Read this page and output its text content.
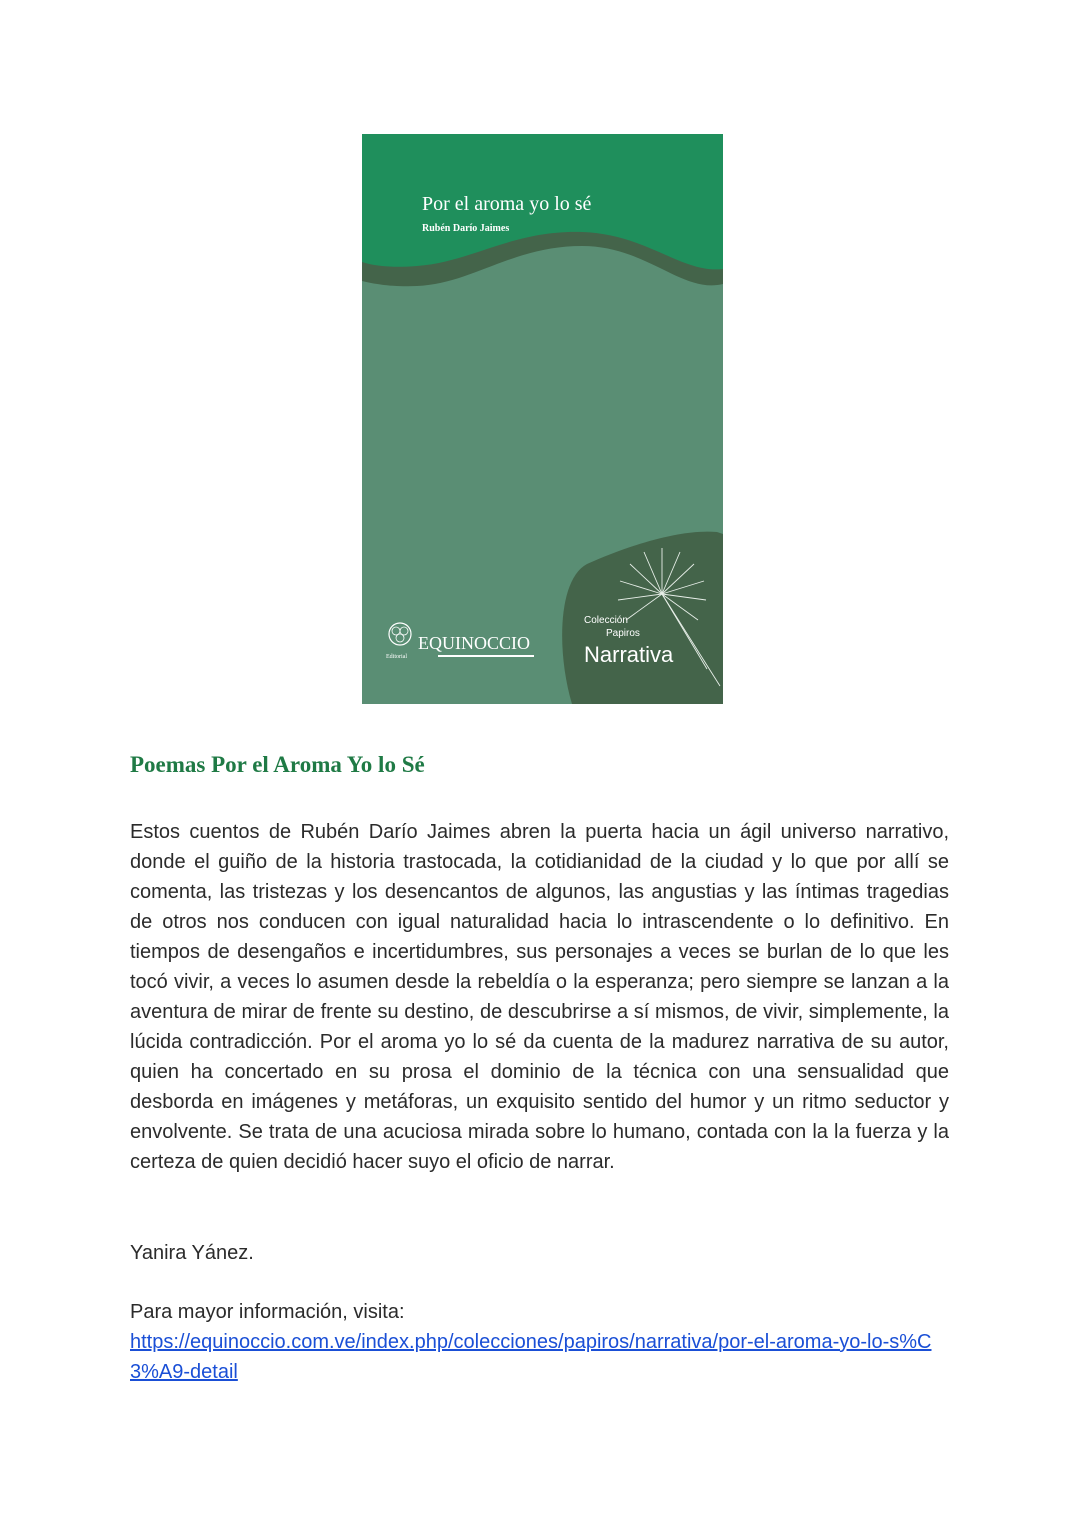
Por el aroma yo lo sé
Rubén Darío Jaimes
Colección
Papiros
Narrativa
Editorial
EQUINOCCIO
Poemas Por el Aroma Yo lo Sé

Estos cuentos de Rubén Darío Jaimes abren la puerta hacia un ágil universo narrativo, donde el guiño de la historia trastocada, la cotidianidad de la ciudad y lo que por allí se comenta, las tristezas y los desencantos de algunos, las angustias y las íntimas tragedias de otros nos conducen con igual naturalidad hacia lo intrascendente o lo definitivo. En tiempos de desengaños e incertidumbres, sus personajes a veces se burlan de lo que les tocó vivir, a veces lo asumen desde la rebeldía o la esperanza; pero siempre se lanzan a la aventura de mirar de frente su destino, de descubrirse a sí mismos, de vivir, simplemente, la lúcida contradicción. Por el aroma yo lo sé da cuenta de la madurez narrativa de su autor, quien ha concertado en su prosa el dominio de la técnica con una sensualidad que desborda en imágenes y metáforas, un exquisito sentido del humor y un ritmo seductor y envolvente. Se trata de una acuciosa mirada sobre lo humano, contada con la la fuerza y la certeza de quien decidió hacer suyo el oficio de narrar.

Yanira Yánez.

Para mayor información, visita:
https://equinoccio.com.ve/index.php/colecciones/papiros/narrativa/por-el-aroma-yo-lo-s%C3%A9-detail
